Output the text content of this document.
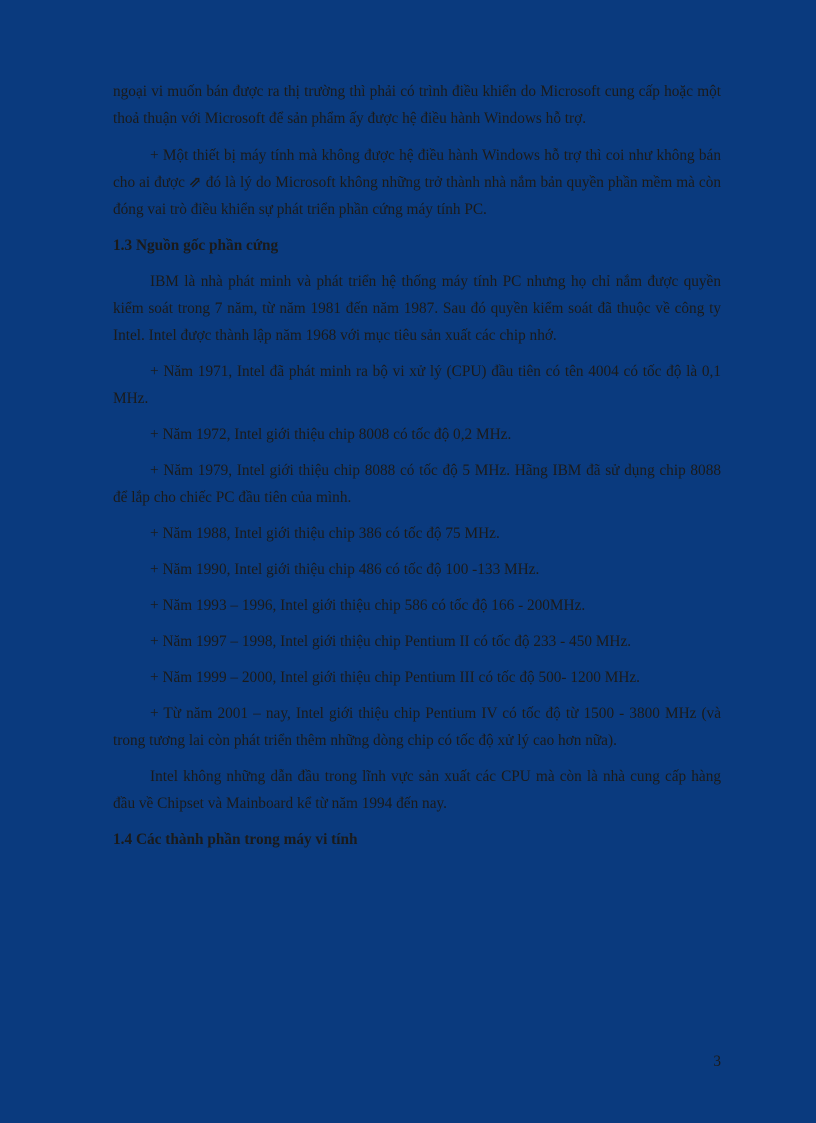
ngoại vi muốn bán được ra thị trường thì phải có trình điều khiển do Microsoft cung cấp hoặc một thoả thuận với Microsoft để sản phẩm ấy được hệ điều hành Windows hỗ trợ.

+ Một thiết bị máy tính mà không được hệ điều hành Windows hỗ trợ thì coi như không bán cho ai được ⇗ đó là lý do Microsoft không những trở thành nhà nắm bản quyền phần mềm mà còn đóng vai trò điều khiển sự phát triển phần cứng máy tính PC.

1.3 Nguồn gốc phần cứng

IBM là nhà phát minh và phát triển hệ thống máy tính PC nhưng họ chỉ nắm được quyền kiểm soát trong 7 năm, từ năm 1981 đến năm 1987. Sau đó quyền kiểm soát đã thuộc về công ty Intel. Intel được thành lập năm 1968 với mục tiêu sản xuất các chip nhớ.

+ Năm 1971, Intel đã phát minh ra bộ vi xử lý (CPU) đầu tiên có tên 4004 có tốc độ là 0,1 MHz.

+ Năm 1972, Intel giới thiệu chip 8008 có tốc độ 0,2 MHz.

+ Năm 1979, Intel giới thiệu chip 8088 có tốc độ 5 MHz. Hãng IBM đã sử dụng chip 8088 để lắp cho chiếc PC đầu tiên của mình.

+ Năm 1988, Intel giới thiệu chip 386 có tốc độ 75 MHz.

+ Năm 1990, Intel giới thiệu chip 486 có tốc độ 100 -133 MHz.

+ Năm 1993 – 1996, Intel giới thiệu chip 586 có tốc độ 166 - 200MHz.

+ Năm 1997 – 1998, Intel giới thiệu chip Pentium II có tốc độ 233 - 450 MHz.

+ Năm 1999 – 2000, Intel giới thiệu chip Pentium III có tốc độ 500- 1200 MHz.

+ Từ năm 2001 – nay, Intel giới thiệu chip Pentium IV có tốc độ từ 1500 - 3800 MHz (và trong tương lai còn phát triển thêm những dòng chip có tốc độ xử lý cao hơn nữa).

Intel không những dẫn đầu trong lĩnh vực sản xuất các CPU mà còn là nhà cung cấp hàng đầu về Chipset và Mainboard kể từ năm 1994 đến nay.

1.4 Các thành phần trong máy vi tính
3
